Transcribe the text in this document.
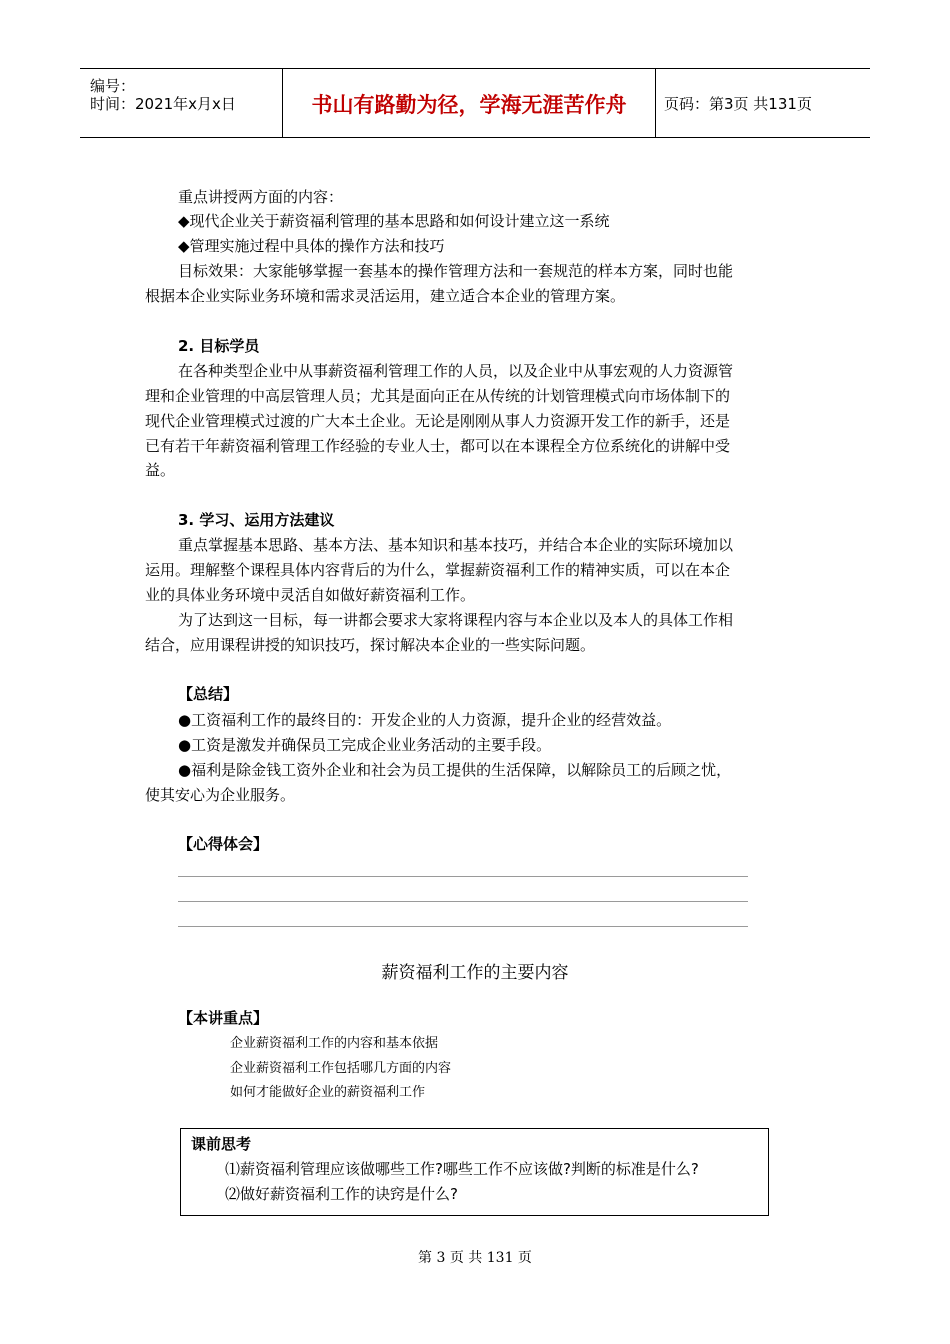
编号：
时间：2021年x月x日	书山有路勤为径，学海无涯苦作舟	页码：第3页 共131页
重点讲授两方面的内容：
◆现代企业关于薪资福利管理的基本思路和如何设计建立这一系统
◆管理实施过程中具体的操作方法和技巧
目标效果：大家能够掌握一套基本的操作管理方法和一套规范的样本方案，同时也能
根据本企业实际业务环境和需求灵活运用，建立适合本企业的管理方案。
2. 目标学员
在各种类型企业中从事薪资福利管理工作的人员，以及企业中从事宏观的人力资源管
理和企业管理的中高层管理人员；尤其是面向正在从传统的计划管理模式向市场体制下的
现代企业管理模式过渡的广大本土企业。无论是刚刚从事人力资源开发工作的新手，还是
已有若干年薪资福利管理工作经验的专业人士，都可以在本课程全方位系统化的讲解中受
益。
3. 学习、运用方法建议
重点掌握基本思路、基本方法、基本知识和基本技巧，并结合本企业的实际环境加以
运用。理解整个课程具体内容背后的为什么，掌握薪资福利工作的精神实质，可以在本企
业的具体业务环境中灵活自如做好薪资福利工作。
为了达到这一目标，每一讲都会要求大家将课程内容与本企业以及本人的具体工作相
结合，应用课程讲授的知识技巧，探讨解决本企业的一些实际问题。
【总结】
●工资福利工作的最终目的：开发企业的人力资源，提升企业的经营效益。
●工资是激发并确保员工完成企业业务活动的主要手段。
●福利是除金钱工资外企业和社会为员工提供的生活保障，以解除员工的后顾之忧，
使其安心为企业服务。
【心得体会】
薪资福利工作的主要内容
【本讲重点】
企业薪资福利工作的内容和基本依据
企业薪资福利工作包括哪几方面的内容
如何才能做好企业的薪资福利工作
课前思考
⑴薪资福利管理应该做哪些工作?哪些工作不应该做?判断的标准是什么?
⑵做好薪资福利工作的诀窍是什么?
第 3 页 共 131 页
